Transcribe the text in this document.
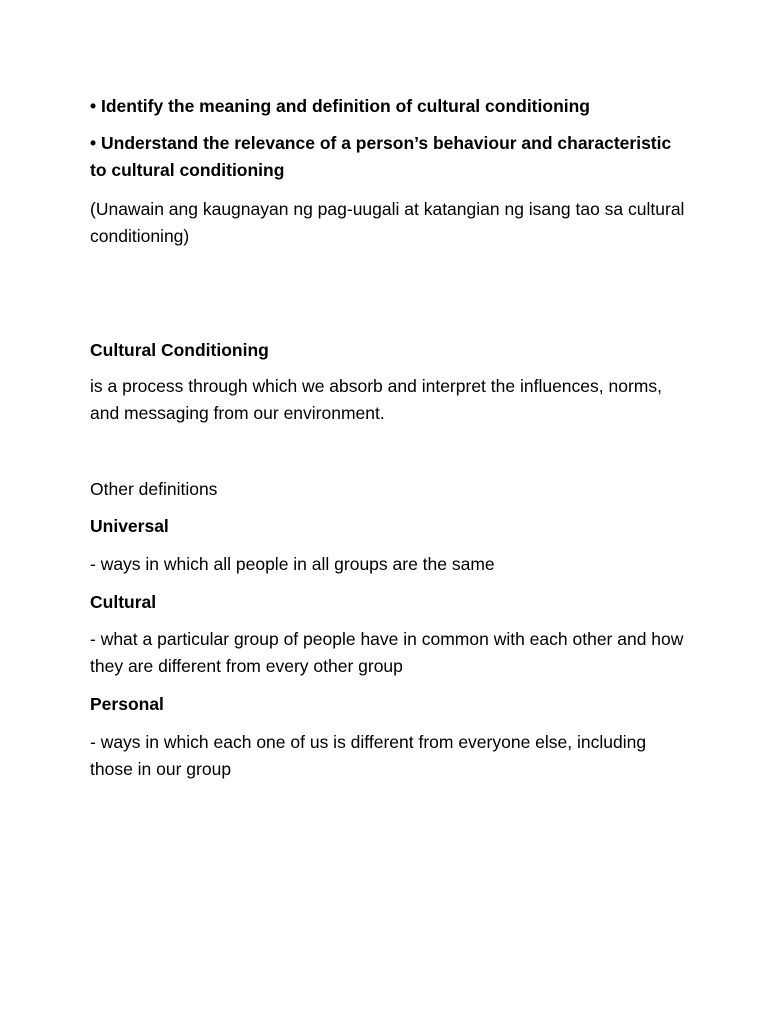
• Identify the meaning and definition of cultural conditioning
• Understand the relevance of a person’s behaviour and characteristic to cultural conditioning
(Unawain ang kaugnayan ng pag-uugali at katangian ng isang tao sa cultural conditioning)
Cultural Conditioning
is a process through which we absorb and interpret the influences, norms, and messaging from our environment.
Other definitions
Universal
- ways in which all people in all groups are the same
Cultural
- what a particular group of people have in common with each other and how they are different from every other group
Personal
- ways in which each one of us is different from everyone else, including those in our group
